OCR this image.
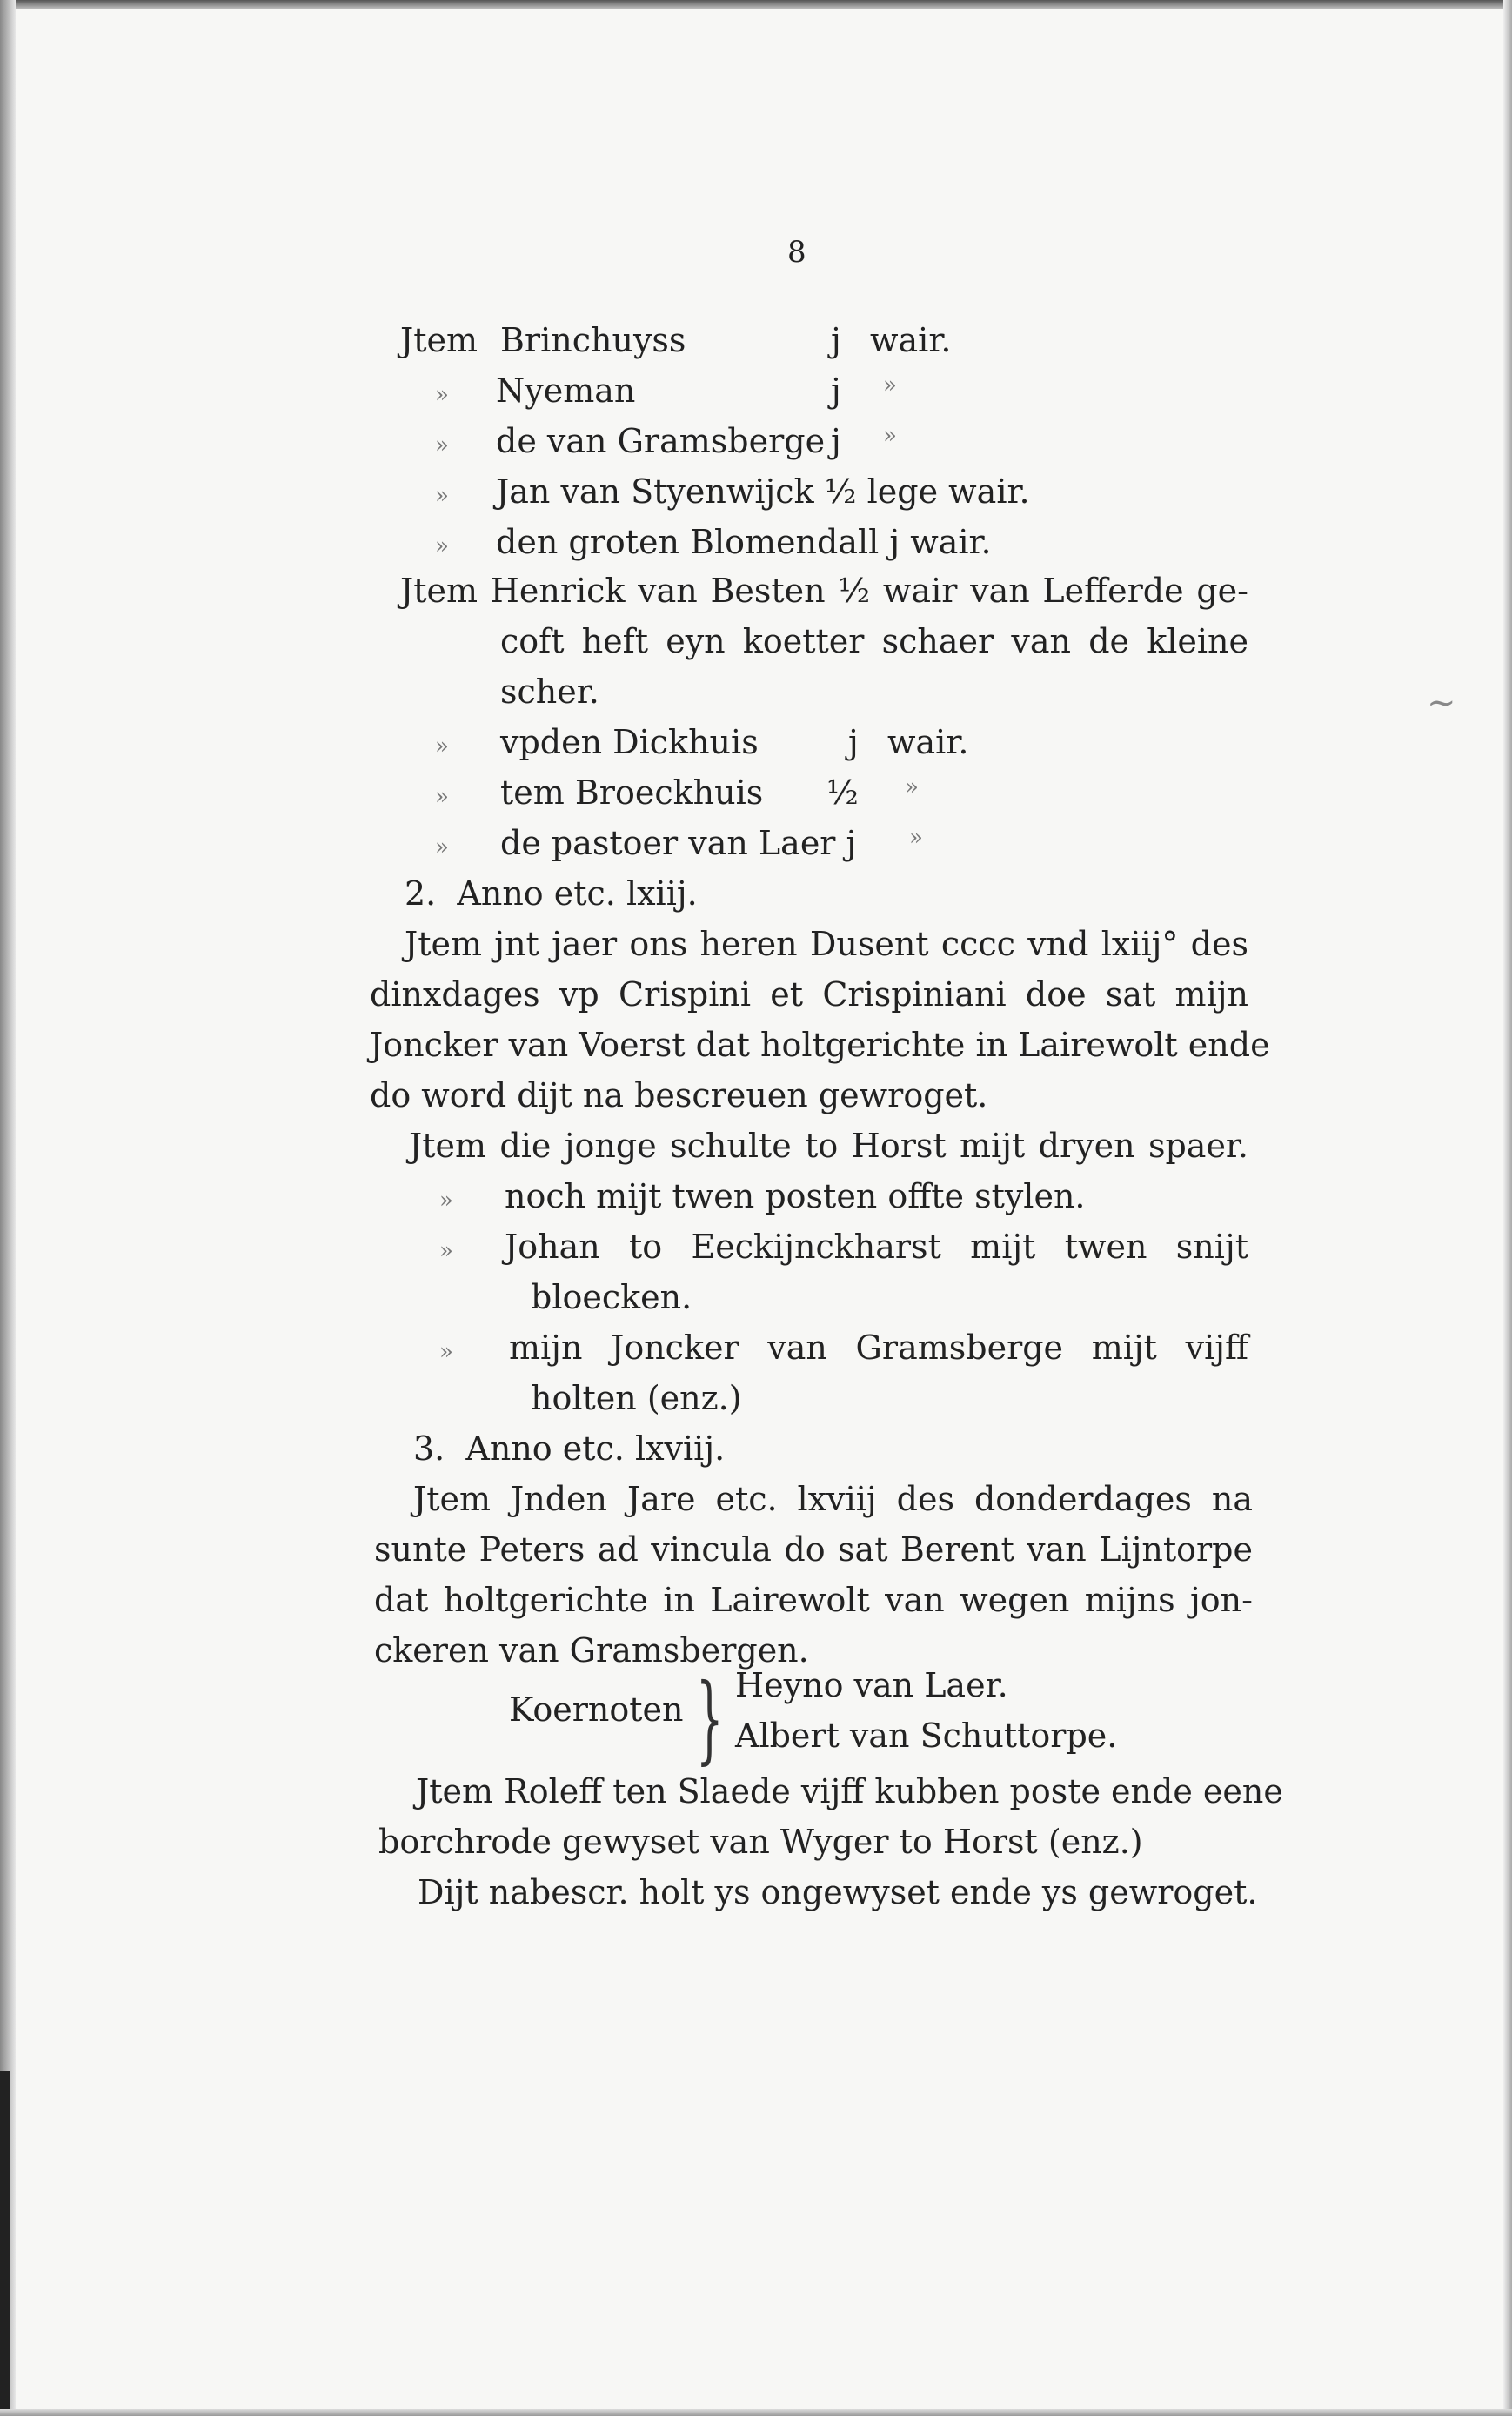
~
8
Jtem Brinchuyss	j wair.
» Nyeman	j »
» de van Gramsberge j »
» Jan van Styenwijck ½ lege wair.
» den groten Blomendall j wair.
Jtem Henrick van Besten ½ wair van Lefferde ge-
coft heft eyn koetter schaer van de kleine
scher.
» vpden Dickhuis	j wair.
» tem Broeckhuis ½ »
» de pastoer van Laer j »
2.  Anno etc. lxiij.
Jtem jnt jaer ons heren Dusent cccc vnd lxiij° des
dinxdages vp Crispini et Crispiniani doe sat mijn
Joncker van Voerst dat holtgerichte in Lairewolt ende
do word dijt na bescreuen gewroget.
Jtem die jonge schulte to Horst mijt dryen spaer.
» noch mijt twen posten offte stylen.
» Johan to Eeckijnckharst mijt twen snijt
bloecken.
» mijn Joncker van Gramsberge mijt vijff
holten (enz.)
3.  Anno etc. lxviij.
Jtem Jnden Jare etc. lxviij des donderdages na
sunte Peters ad vincula do sat Berent van Lijntorpe
dat holtgerichte in Lairewolt van wegen mijns jon-
ckeren van Gramsbergen.
Koernoten } Heyno van Laer.
Albert van Schuttorpe.
Jtem Roleff ten Slaede vijff kubben poste ende eene
borchrode gewyset van Wyger to Horst (enz.)
Dijt nabescr. holt ys ongewyset ende ys gewroget.
